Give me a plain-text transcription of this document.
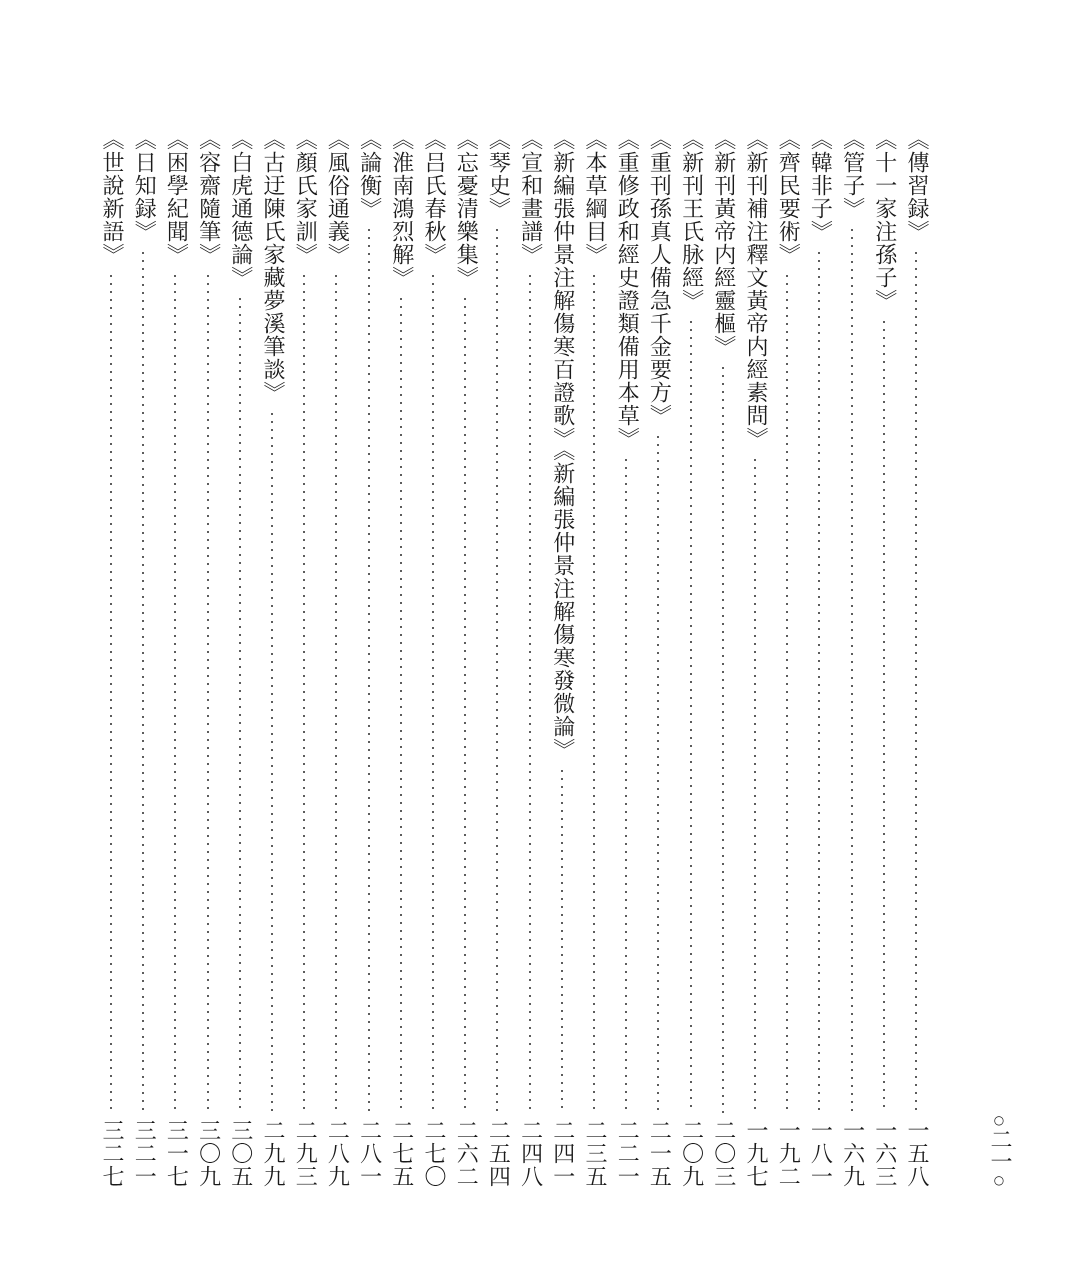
《傳習録》
一五八
《十一家注孫子》
一六三
《管子》
一六九
《韓非子》
一八一
《齊民要術》
一九二
《新刊補注釋文黃帝内經素問》
一九七
《新刊黃帝内經靈樞》
二〇三
《新刊王氏脉經》
二〇九
《重刊孫真人備急千金要方》
二一五
《重修政和經史證類備用本草》
二二一
《本草綱目》
二三五
《新編張仲景注解傷寒百證歌》《新編張仲景注解傷寒發微論》
二四一
《宣和畫譜》
二四八
《琴史》
二五四
《忘憂清樂集》
二六二
《吕氏春秋》
二七〇
《淮南鴻烈解》
二七五
《論衡》
二八一
《風俗通義》
二八九
《顏氏家訓》
二九三
《古迂陳氏家藏夢溪筆談》
二九九
《白虎通德論》
三〇五
《容齋隨筆》
三〇九
《困學紀聞》
三一七
《日知録》
三二一
《世說新語》
三二七	○
二一
○
